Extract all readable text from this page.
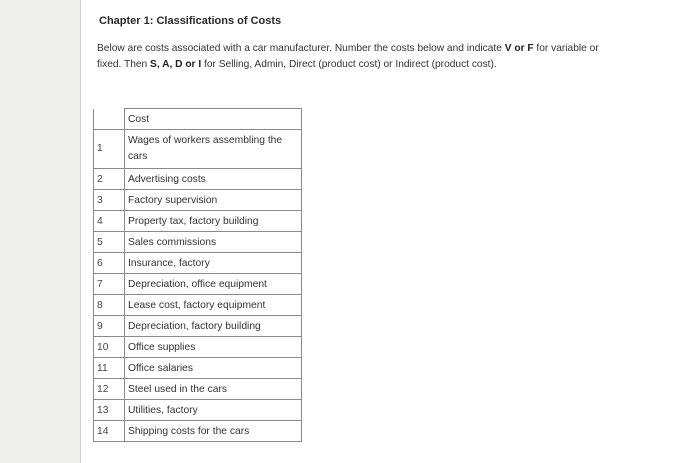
Chapter 1: Classifications of Costs
Below are costs associated with a car manufacturer. Number the costs below and indicate V or F for variable or fixed. Then S, A, D or I for Selling, Admin, Direct (product cost) or Indirect (product cost).
	Cost
1	Wages of workers assembling the cars
2	Advertising costs
3	Factory supervision
4	Property tax, factory building
5	Sales commissions
6	Insurance, factory
7	Depreciation, office equipment
8	Lease cost, factory equipment
9	Depreciation, factory building
10	Office supplies
11	Office salaries
12	Steel used in the cars
13	Utilities, factory
14	Shipping costs for the cars
